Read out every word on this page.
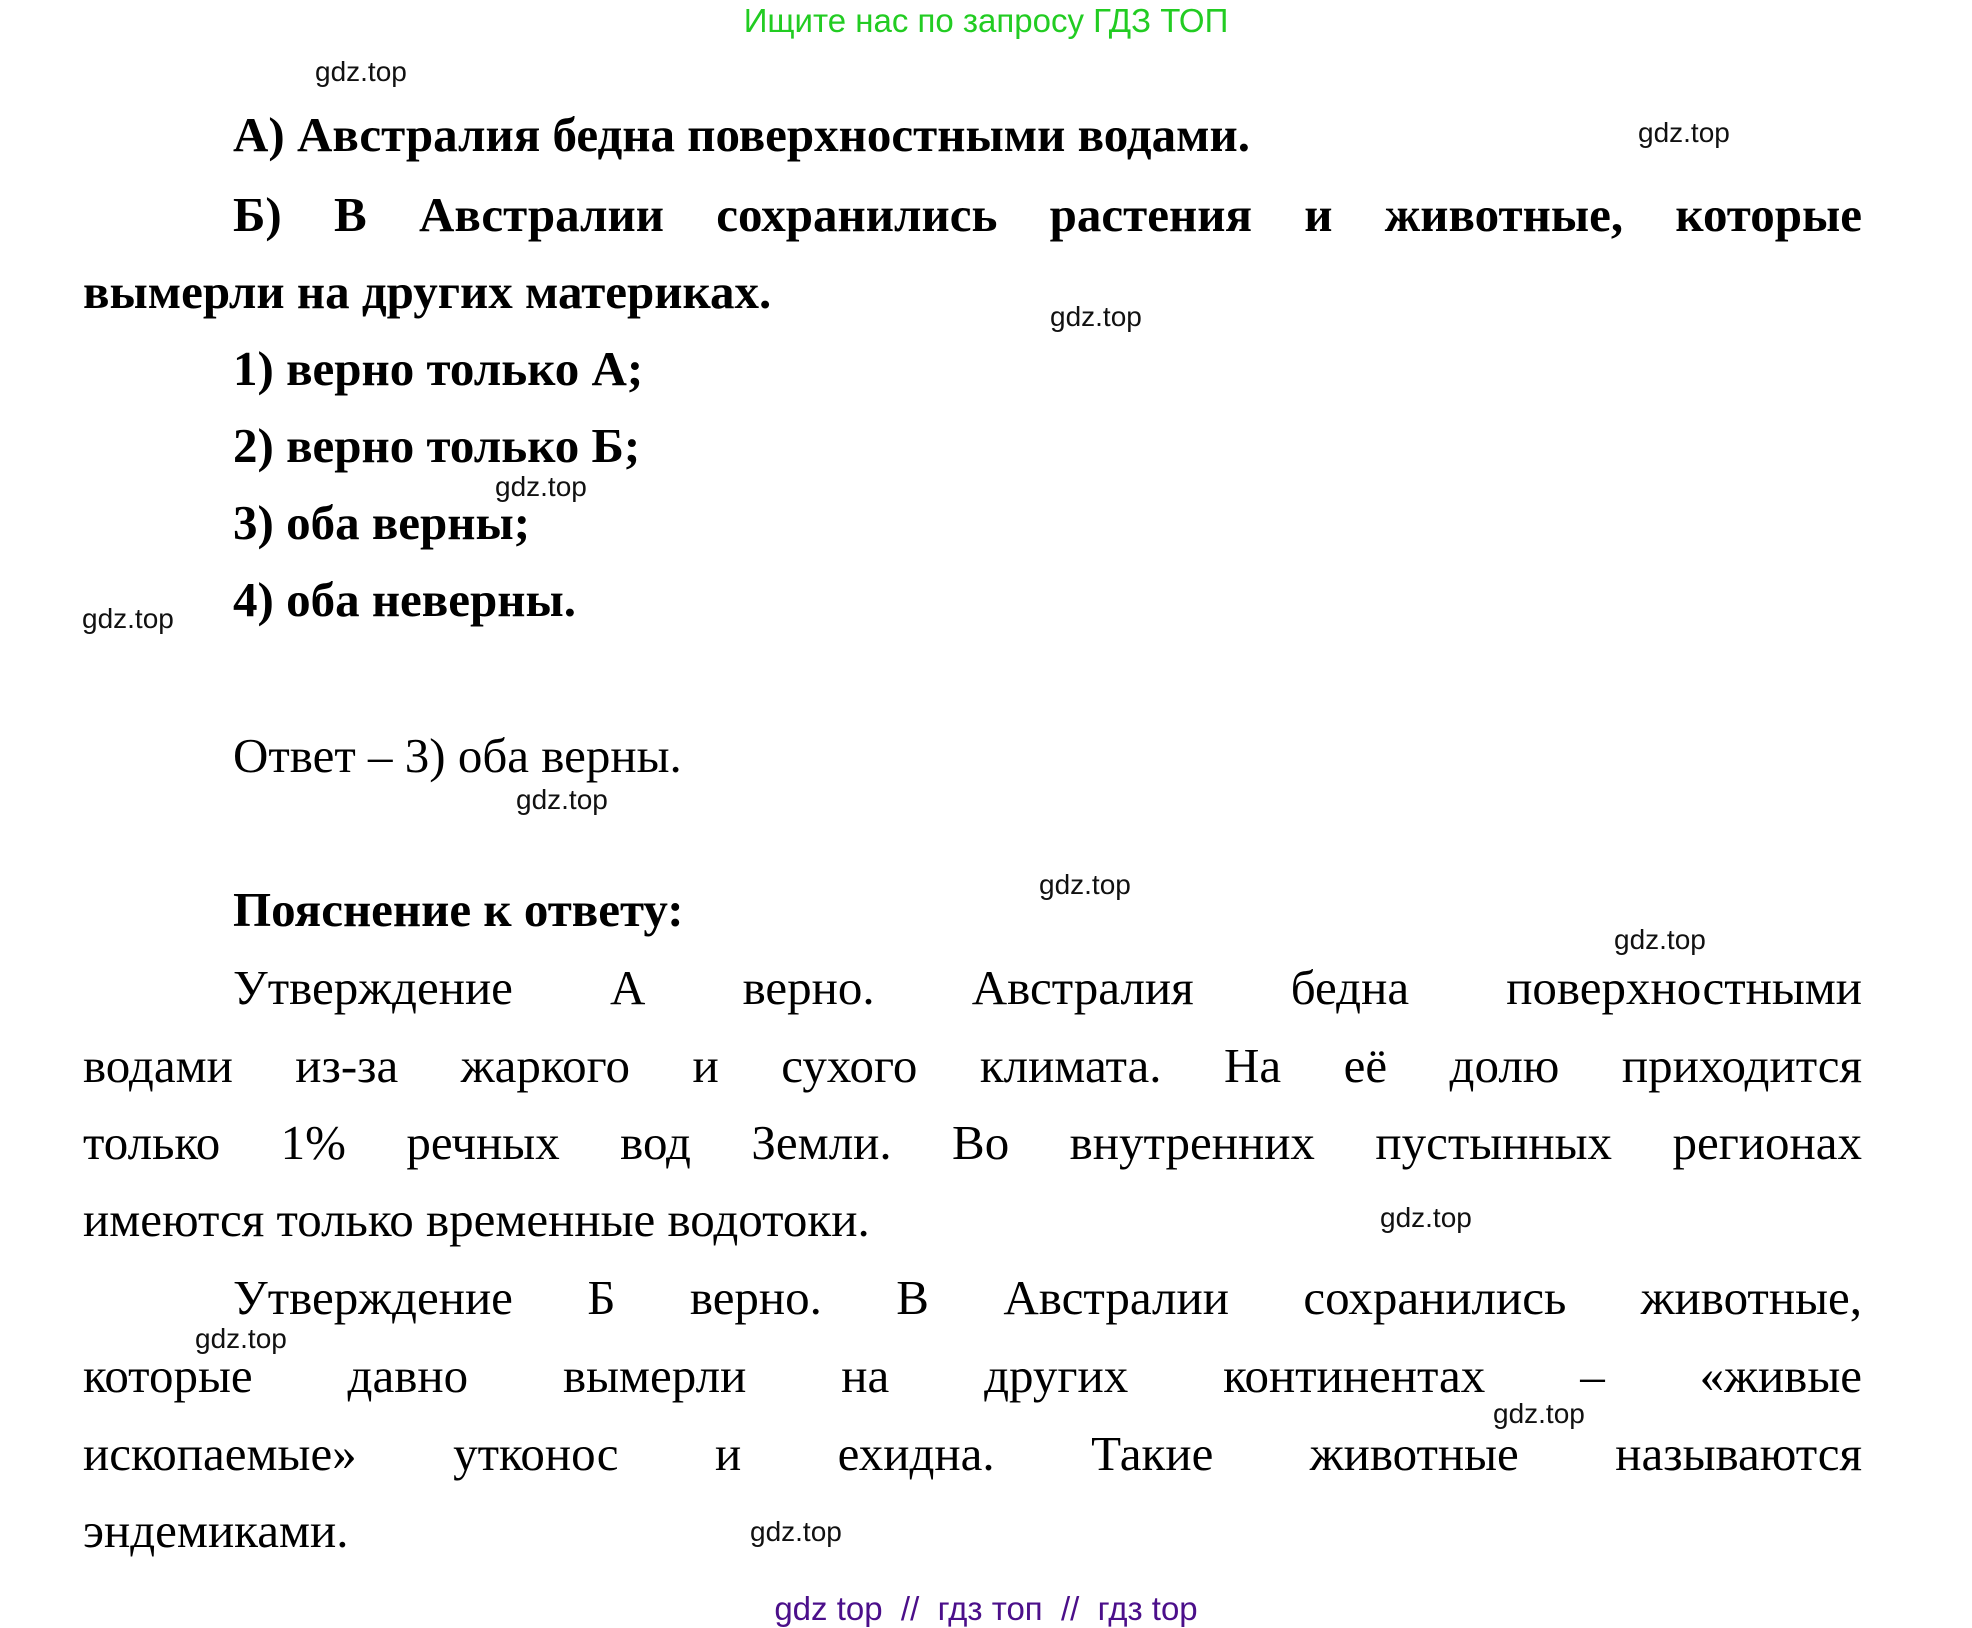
Ищите нас по запросу ГДЗ ТОП
А) Австралия бедна поверхностными водами.
Б) В Австралии сохранились растения и животные, которые
вымерли на других материках.
1) верно только А;
2) верно только Б;
3) оба верны;
4) оба неверны.
Ответ – 3) оба верны.
Пояснение к ответу:
Утверждение А верно. Австралия бедна поверхностными
водами из-за жаркого и сухого климата. На её долю приходится
только 1% речных вод Земли. Во внутренних пустынных регионах
имеются только временные водотоки.
Утверждение Б верно. В Австралии сохранились животные,
которые давно вымерли на других континентах – «живые
ископаемые» утконос и ехидна. Такие животные называются
эндемиками.
gdz.top
gdz.top
gdz.top
gdz.top
gdz.top
gdz.top
gdz.top
gdz.top
gdz.top
gdz.top
gdz.top
gdz.top
gdz top  //  гдз топ  //  гдз top
